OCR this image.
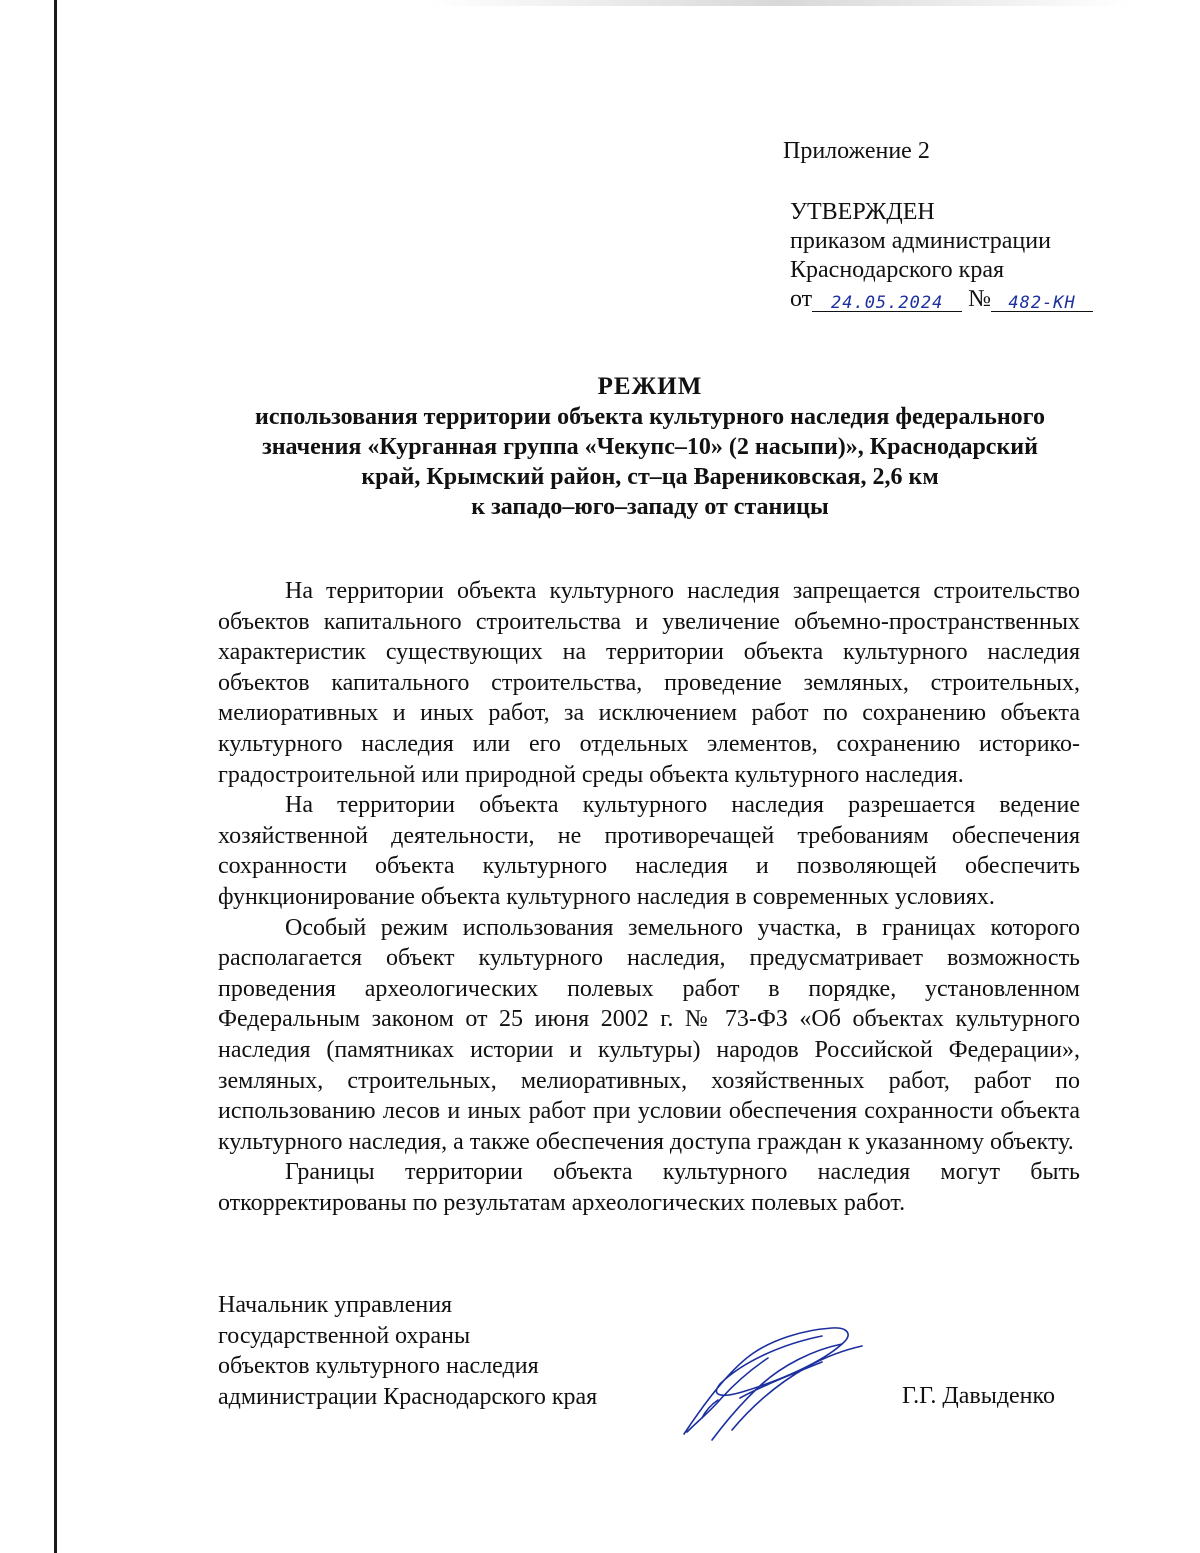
Приложение 2
УТВЕРЖДЕН
приказом администрации
Краснодарского края
от 24.05.2024 № 482-КН
РЕЖИМ
использования территории объекта культурного наследия федерального
значения «Курганная группа «Чекупс–10» (2 насыпи)», Краснодарский
край, Крымский район, ст–ца Варениковская, 2,6 км
к западо–юго–западу от станицы

На территории объекта культурного наследия запрещается строительство объектов капитального строительства и увеличение объемно-пространственных характеристик существующих на территории объекта культурного наследия объектов капитального строительства, проведение земляных, строительных, мелиоративных и иных работ, за исключением работ по сохранению объекта культурного наследия или его отдельных элементов, сохранению историко-градостроительной или природной среды объекта культурного наследия.

На территории объекта культурного наследия разрешается ведение хозяйственной деятельности, не противоречащей требованиям обеспечения сохранности объекта культурного наследия и позволяющей обеспечить функционирование объекта культурного наследия в современных условиях.

Особый режим использования земельного участка, в границах которого располагается объект культурного наследия, предусматривает возможность проведения археологических полевых работ в порядке, установленном Федеральным законом от 25 июня 2002 г. № 73-ФЗ «Об объектах культурного наследия (памятниках истории и культуры) народов Российской Федерации», земляных, строительных, мелиоративных, хозяйственных работ, работ по использованию лесов и иных работ при условии обеспечения сохранности объекта культурного наследия, а также обеспечения доступа граждан к указанному объекту.

Границы территории объекта культурного наследия могут быть откорректированы по результатам археологических полевых работ.

Начальник управления
государственной охраны
объектов культурного наследия
администрации Краснодарского края	Г.Г. Давыденко
